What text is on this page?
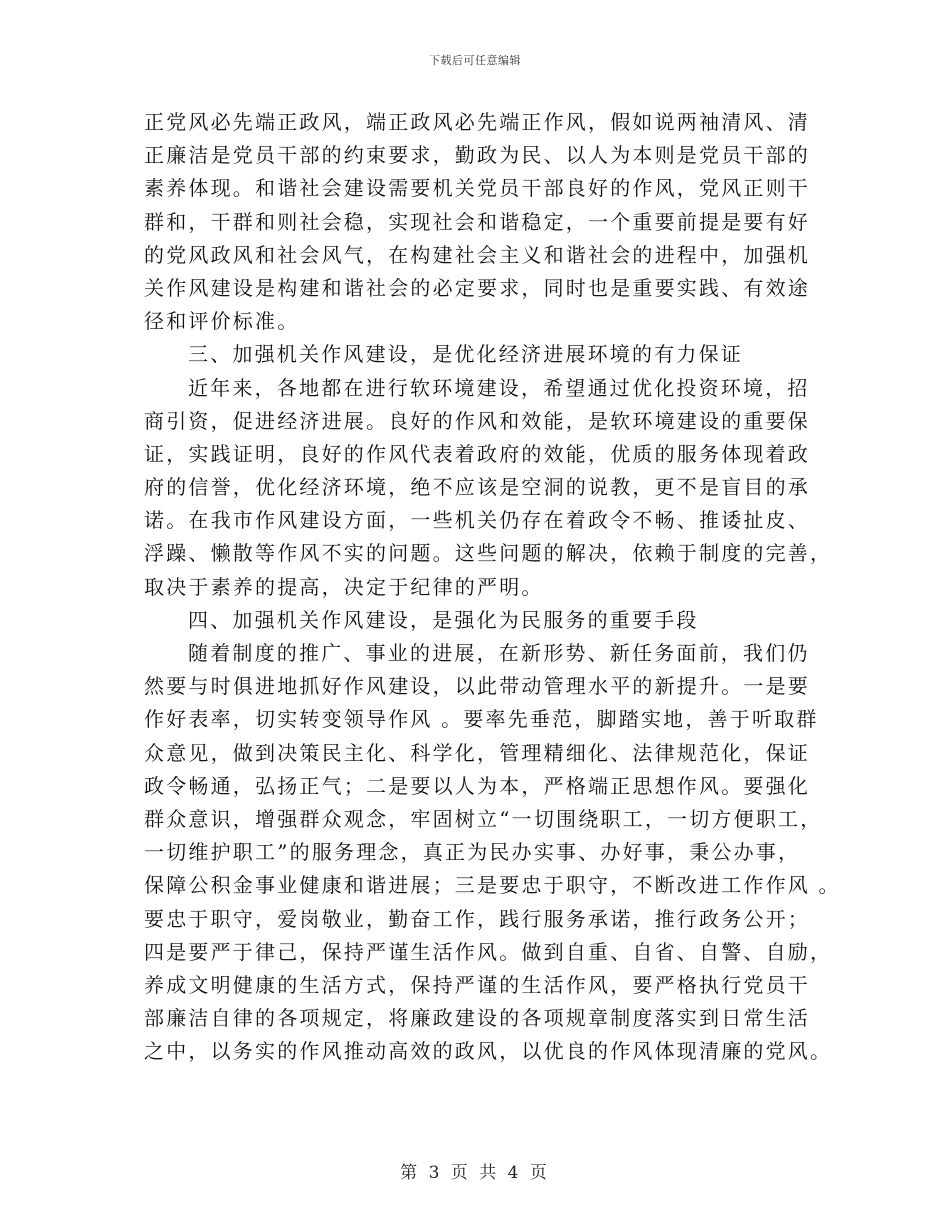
下载后可任意编辑
正党风必先端正政风，端正政风必先端正作风，假如说两袖清风、清
正廉洁是党员干部的约束要求，勤政为民、以人为本则是党员干部的
素养体现。和谐社会建设需要机关党员干部良好的作风，党风正则干
群和，干群和则社会稳，实现社会和谐稳定，一个重要前提是要有好
的党风政风和社会风气，在构建社会主义和谐社会的进程中，加强机
关作风建设是构建和谐社会的必定要求，同时也是重要实践、有效途
径和评价标准。
三、加强机关作风建设，是优化经济进展环境的有力保证
近年来，各地都在进行软环境建设，希望通过优化投资环境，招
商引资，促进经济进展。良好的作风和效能，是软环境建设的重要保
证，实践证明，良好的作风代表着政府的效能，优质的服务体现着政
府的信誉，优化经济环境，绝不应该是空洞的说教，更不是盲目的承
诺。在我市作风建设方面，一些机关仍存在着政令不畅、推诿扯皮、
浮躁、懒散等作风不实的问题。这些问题的解决，依赖于制度的完善，
取决于素养的提高，决定于纪律的严明。
四、加强机关作风建设，是强化为民服务的重要手段
随着制度的推广、事业的进展，在新形势、新任务面前，我们仍
然要与时俱进地抓好作风建设，以此带动管理水平的新提升。一是要
作好表率，切实转变领导作风 。要率先垂范，脚踏实地，善于听取群
众意见，做到决策民主化、科学化，管理精细化、法律规范化，保证
政令畅通，弘扬正气；二是要以人为本，严格端正思想作风。要强化
群众意识，增强群众观念，牢固树立“一切围绕职工，一切方便职工，
一切维护职工”的服务理念，真正为民办实事、办好事，秉公办事，
保障公积金事业健康和谐进展；三是要忠于职守，不断改进工作作风 。
要忠于职守，爱岗敬业，勤奋工作，践行服务承诺，推行政务公开；
四是要严于律己，保持严谨生活作风。做到自重、自省、自警、自励，
养成文明健康的生活方式，保持严谨的生活作风，要严格执行党员干
部廉洁自律的各项规定，将廉政建设的各项规章制度落实到日常生活
之中，以务实的作风推动高效的政风，以优良的作风体现清廉的党风。
第 3 页 共 4 页
